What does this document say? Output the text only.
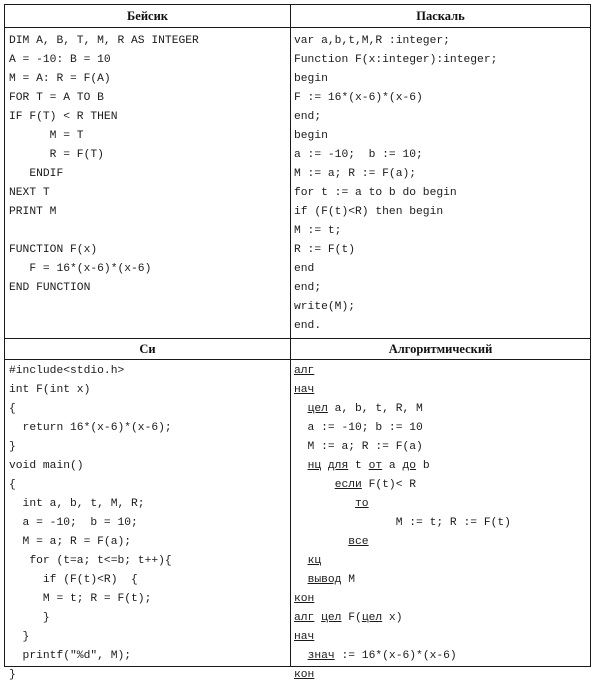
Бейсик	Паскаль
Си	Алгоритмический
DIM A, B, T, M, R AS INTEGER
A = -10: B = 10
M = A: R = F(A)
FOR T = A TO B
IF F(T) < R THEN
M = T
R = F(T)
ENDIF
NEXT T
PRINT M
FUNCTION F(x)
F = 16*(x-6)*(x-6)
END FUNCTION
var a,b,t,M,R :integer;
Function F(x:integer):integer;
begin
F := 16*(x-6)*(x-6)
end;
begin
a := -10;  b := 10;
M := a; R := F(a);
for t := a to b do begin
if (F(t)<R) then begin
M := t;
R := F(t)
end
end;
write(M);
end.
#include<stdio.h>
int F(int x)
{
return 16*(x-6)*(x-6);
}
void main()
{
int a, b, t, M, R;
a = -10;  b = 10;
M = a; R = F(a);
for (t=a; t<=b; t++){
if (F(t)<R)  {
M = t; R = F(t);
}
}
printf("%d", M);
}
алг
нач
цел a, b, t, R, M
a := -10; b := 10
M := a; R := F(a)
нц для t от a до b
если F(t)< R
то
M := t; R := F(t)
все
кц
вывод M
кон
алг цел F(цел x)
нач
знач := 16*(x-6)*(x-6)
кон
